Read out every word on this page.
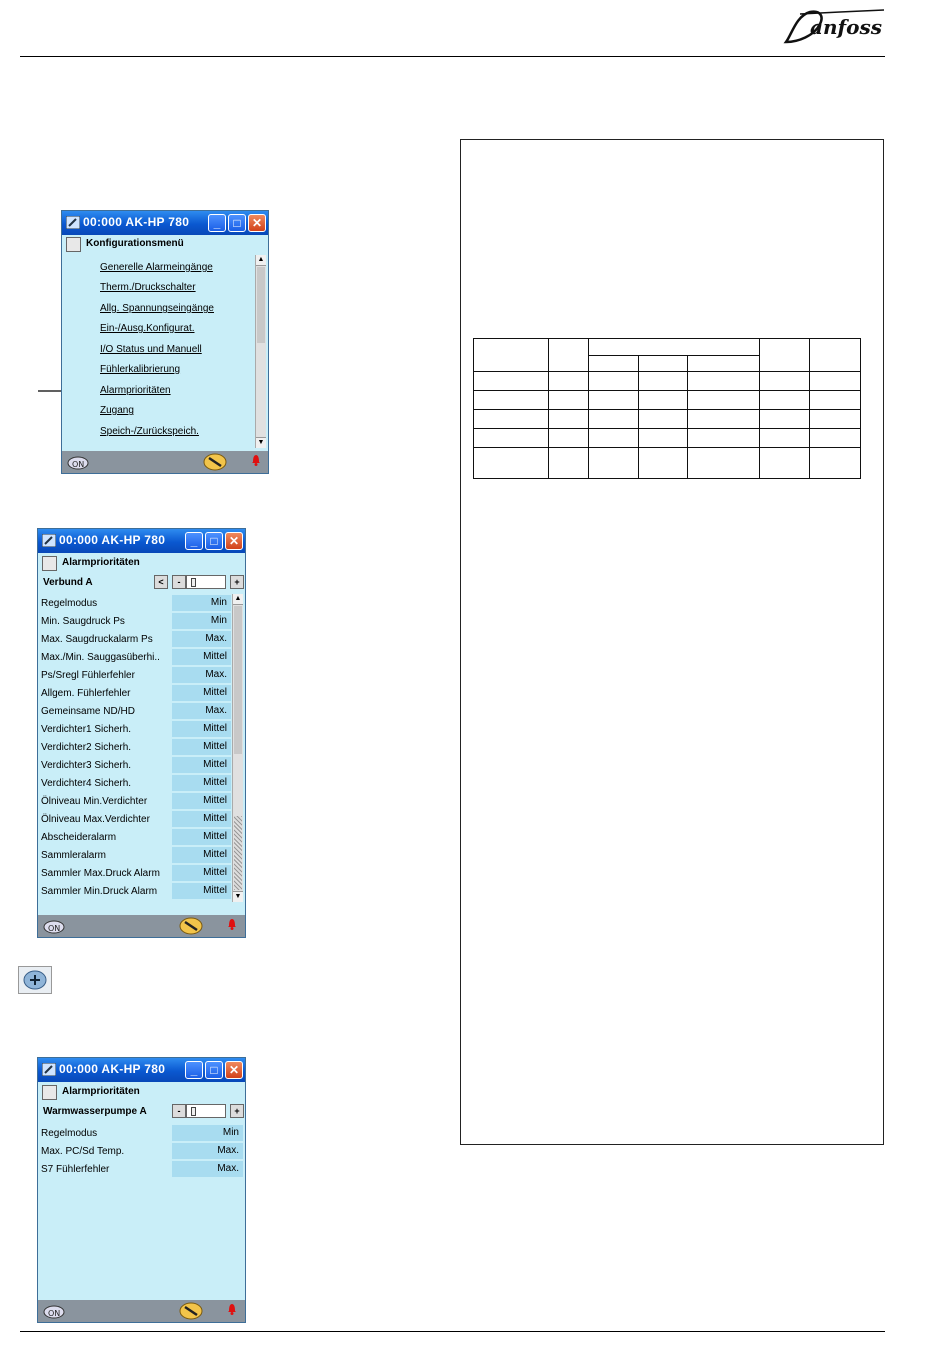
anfoss
00:000 AK-HP 780	_	□ ✕
Konfigurationsmenü
Generelle Alarmeingänge
Therm./Druckschalter
Allg. Spannungseingänge
Ein-/Ausg.Konfigurat.
I/O Status und Manuell
Fühlerkalibrierung
Alarmprioritäten
Zugang
Speich-/Zurückspeich.
▲
▼
ON
00:000 AK-HP 780	_	□ ✕
Alarmprioritäten
Verbund A	<	-	+
Regelmodus	Min
Min. Saugdruck Ps	Min
Max. Saugdruckalarm Ps	Max.
Max./Min. Sauggasüberhi..	Mittel
Ps/Sregl Fühlerfehler	Max.
Allgem. Fühlerfehler	Mittel
Gemeinsame ND/HD	Max.
Verdichter1 Sicherh.	Mittel
Verdichter2 Sicherh.	Mittel
Verdichter3 Sicherh.	Mittel
Verdichter4 Sicherh.	Mittel
Ölniveau Min.Verdichter	Mittel
Ölniveau Max.Verdichter	Mittel
Abscheideralarm	Mittel
Sammleralarm	Mittel
Sammler Max.Druck Alarm	Mittel
Sammler Min.Druck Alarm	Mittel
▲
▼
ON
00:000 AK-HP 780	_	□ ✕
Alarmprioritäten
Warmwasserpumpe A	-	+
Regelmodus	Min
Max. PC/Sd Temp.	Max.
S7 Fühlerfehler	Max.
ON
